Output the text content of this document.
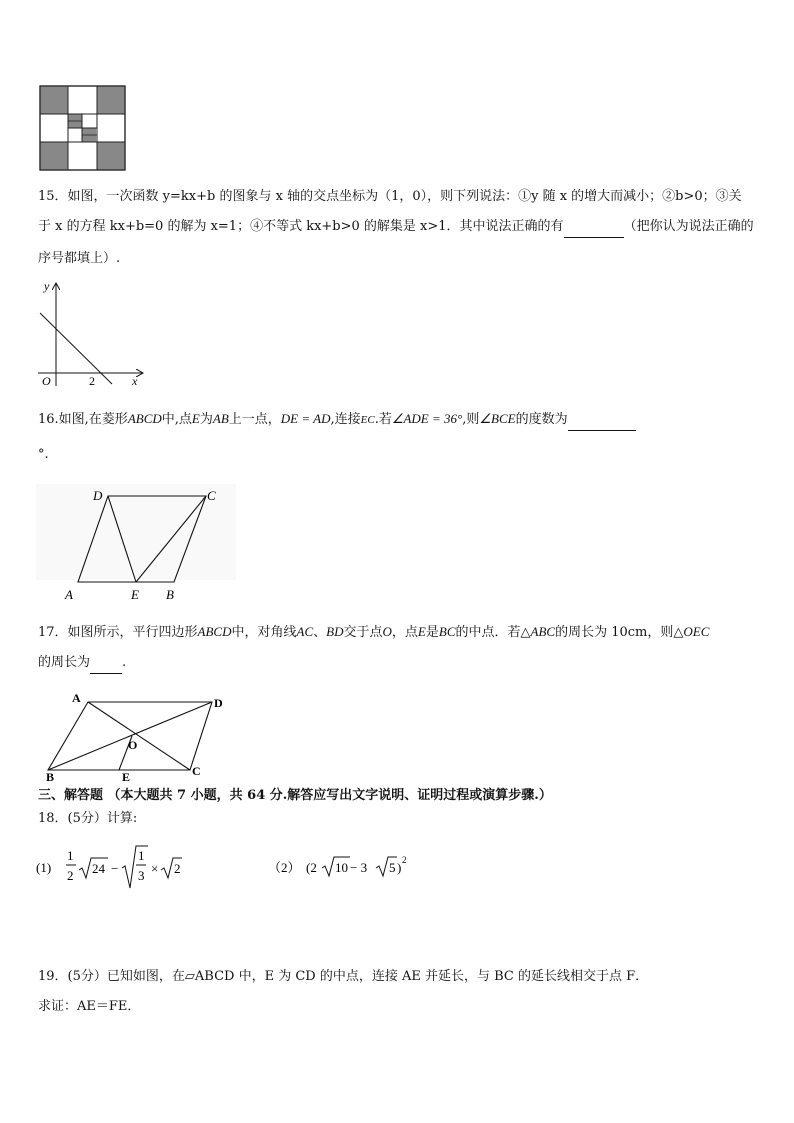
15．如图，一次函数 y=kx+b 的图象与 x 轴的交点坐标为（1，0），则下列说法：①y 随 x 的增大而减小；②b>0；③关
于 x 的方程 kx+b=0 的解为 x=1；④不等式 kx+b>0 的解集是 x>1．其中说法正确的有	（把你认为说法正确的
序号都填上）.
y
x
O	2
16.如图,在菱形ABCD中,点E为AB上一点，DE = AD,连接EC.若∠ADE = 36°,则∠BCE的度数为
°.
D	C
A	E B
17．如图所示，平行四边形ABCD中，对角线AC、BD交于点O，点E是BC的中点．若△ABC的周长为 10cm，则△OEC
的周长为 .
A	D
B	C
O
E
三、解答题 （本大题共 7 小题，共 64 分.解答应写出文字说明、证明过程或演算步骤.）
18．(5分）计算:
(1)
1
2 24 −
1
3 × 2	（2） (2 10 − 3 5 ) 2
19．(5分）已知如图，在▱ABCD 中，E 为 CD 的中点，连接 AE 并延长，与 BC 的延长线相交于点 F．
求证：AE＝FE．
